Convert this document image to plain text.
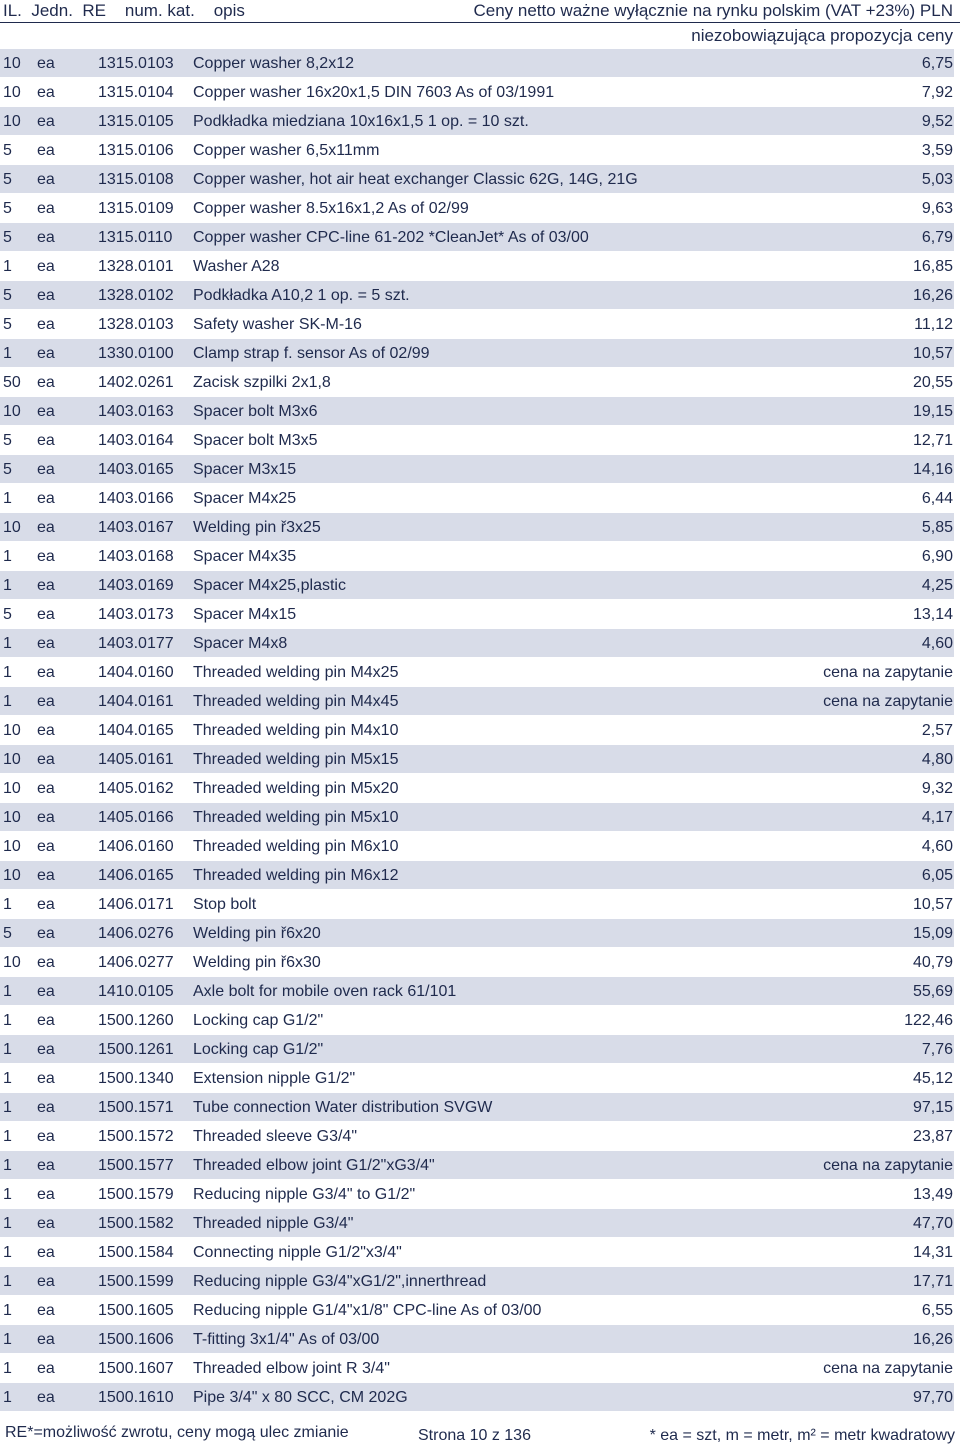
IL.  Jedn.  RE    num. kat.    opis	Ceny netto ważne wyłącznie na rynku polskim (VAT +23%) PLN
niezobowiązująca propozycja ceny
10 ea	1315.0103 Copper washer 8,2x12	6,75
10 ea	1315.0104 Copper washer 16x20x1,5 DIN 7603 As of 03/1991	7,92
10 ea	1315.0105 Podkładka miedziana 10x16x1,5 1 op. = 10 szt.	9,52
5 ea	1315.0106 Copper washer 6,5x11mm	3,59
5 ea	1315.0108 Copper washer, hot air heat exchanger Classic 62G, 14G, 21G	5,03
5 ea	1315.0109 Copper washer 8.5x16x1,2 As of 02/99	9,63
5 ea	1315.0110 Copper washer CPC-line 61-202 *CleanJet* As of 03/00	6,79
1 ea	1328.0101 Washer A28	16,85
5 ea	1328.0102 Podkładka A10,2 1 op. = 5 szt.	16,26
5 ea	1328.0103 Safety washer SK-M-16	11,12
1 ea	1330.0100 Clamp strap f. sensor As of 02/99	10,57
50 ea	1402.0261 Zacisk szpilki 2x1,8	20,55
10 ea	1403.0163 Spacer bolt M3x6	19,15
5 ea	1403.0164 Spacer bolt M3x5	12,71
5 ea	1403.0165 Spacer M3x15	14,16
1 ea	1403.0166 Spacer M4x25	6,44
10 ea	1403.0167 Welding pin ř3x25	5,85
1 ea	1403.0168 Spacer M4x35	6,90
1 ea	1403.0169 Spacer M4x25,plastic	4,25
5 ea	1403.0173 Spacer M4x15	13,14
1 ea	1403.0177 Spacer M4x8	4,60
1 ea	1404.0160 Threaded welding pin M4x25	cena na zapytanie
1 ea	1404.0161 Threaded welding pin M4x45	cena na zapytanie
10 ea	1404.0165 Threaded welding pin M4x10	2,57
10 ea	1405.0161 Threaded welding pin M5x15	4,80
10 ea	1405.0162 Threaded welding pin M5x20	9,32
10 ea	1405.0166 Threaded welding pin M5x10	4,17
10 ea	1406.0160 Threaded welding pin M6x10	4,60
10 ea	1406.0165 Threaded welding pin M6x12	6,05
1 ea	1406.0171 Stop bolt	10,57
5 ea	1406.0276 Welding pin ř6x20	15,09
10 ea	1406.0277 Welding pin ř6x30	40,79
1 ea	1410.0105 Axle bolt for mobile oven rack 61/101	55,69
1 ea	1500.1260 Locking cap G1/2"	122,46
1 ea	1500.1261 Locking cap G1/2"	7,76
1 ea	1500.1340 Extension nipple G1/2"	45,12
1 ea	1500.1571 Tube connection Water distribution SVGW	97,15
1 ea	1500.1572 Threaded sleeve G3/4"	23,87
1 ea	1500.1577 Threaded elbow joint G1/2"xG3/4"	cena na zapytanie
1 ea	1500.1579 Reducing nipple G3/4" to G1/2"	13,49
1 ea	1500.1582 Threaded nipple G3/4"	47,70
1 ea	1500.1584 Connecting nipple G1/2"x3/4"	14,31
1 ea	1500.1599 Reducing nipple G3/4"xG1/2",innerthread	17,71
1 ea	1500.1605 Reducing nipple G1/4"x1/8" CPC-line As of 03/00	6,55
1 ea	1500.1606 T-fitting 3x1/4" As of 03/00	16,26
1 ea	1500.1607 Threaded elbow joint R 3/4"	cena na zapytanie
1 ea	1500.1610 Pipe 3/4" x 80 SCC, CM 202G	97,70
RE*=możliwość zwrotu, ceny mogą ulec zmianie	Strona 10 z 136	* ea = szt, m = metr, m² = metr kwadratowy
